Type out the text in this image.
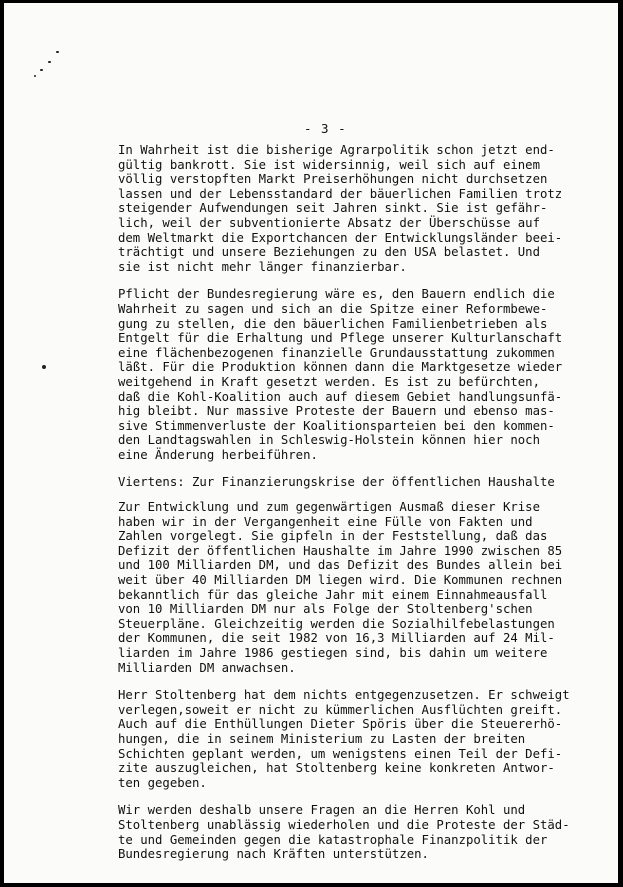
- 3 -
In Wahrheit ist die bisherige Agrarpolitik schon jetzt end-
gültig bankrott. Sie ist widersinnig, weil sich auf einem
völlig verstopften Markt Preiserhöhungen nicht durchsetzen
lassen und der Lebensstandard der bäuerlichen Familien trotz
steigender Aufwendungen seit Jahren sinkt. Sie ist gefähr-
lich, weil der subventionierte Absatz der Überschüsse auf
dem Weltmarkt die Exportchancen der Entwicklungsländer beei-
trächtigt und unsere Beziehungen zu den USA belastet. Und
sie ist nicht mehr länger finanzierbar.
Pflicht der Bundesregierung wäre es, den Bauern endlich die
Wahrheit zu sagen und sich an die Spitze einer Reformbewe-
gung zu stellen, die den bäuerlichen Familienbetrieben als
Entgelt für die Erhaltung und Pflege unserer Kulturlanschaft
eine flächenbezogenen finanzielle Grundausstattung zukommen
läßt. Für die Produktion können dann die Marktgesetze wieder
weitgehend in Kraft gesetzt werden. Es ist zu befürchten,
daß die Kohl-Koalition auch auf diesem Gebiet handlungsunfä-
hig bleibt. Nur massive Proteste der Bauern und ebenso mas-
sive Stimmenverluste der Koalitionsparteien bei den kommen-
den Landtagswahlen in Schleswig-Holstein können hier noch
eine Änderung herbeiführen.
Viertens: Zur Finanzierungskrise der öffentlichen Haushalte
Zur Entwicklung und zum gegenwärtigen Ausmaß dieser Krise
haben wir in der Vergangenheit eine Fülle von Fakten und
Zahlen vorgelegt. Sie gipfeln in der Feststellung, daß das
Defizit der öffentlichen Haushalte im Jahre 1990 zwischen 85
und 100 Milliarden DM, und das Defizit des Bundes allein bei
weit über 40 Milliarden DM liegen wird. Die Kommunen rechnen
bekanntlich für das gleiche Jahr mit einem Einnahmeausfall
von 10 Milliarden DM nur als Folge der Stoltenberg'schen
Steuerpläne. Gleichzeitig werden die Sozialhilfebelastungen
der Kommunen, die seit 1982 von 16,3 Milliarden auf 24 Mil-
liarden im Jahre 1986 gestiegen sind, bis dahin um weitere
Milliarden DM anwachsen.
Herr Stoltenberg hat dem nichts entgegenzusetzen. Er schweigt
verlegen,soweit er nicht zu kümmerlichen Ausflüchten greift.
Auch auf die Enthüllungen Dieter Spöris über die Steuererhö-
hungen, die in seinem Ministerium zu Lasten der breiten
Schichten geplant werden, um wenigstens einen Teil der Defi-
zite auszugleichen, hat Stoltenberg keine konkreten Antwor-
ten gegeben.
Wir werden deshalb unsere Fragen an die Herren Kohl und
Stoltenberg unablässig wiederholen und die Proteste der Städ-
te und Gemeinden gegen die katastrophale Finanzpolitik der
Bundesregierung nach Kräften unterstützen.
